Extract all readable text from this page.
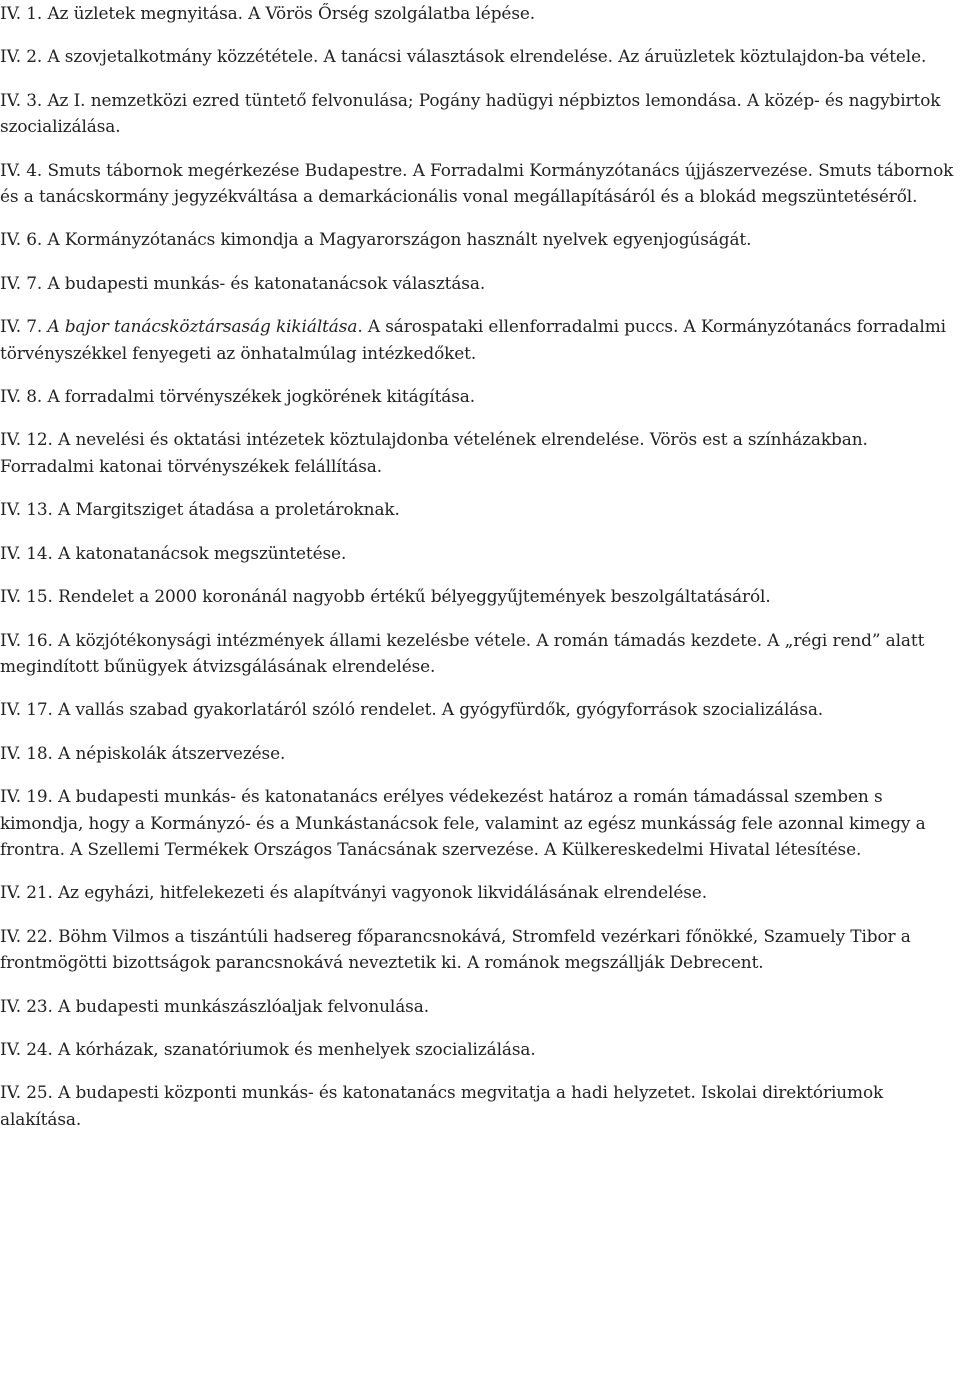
IV. 1. Az üzletek megnyitása. A Vörös Őrség szolgálatba lépése.

IV. 2. A szovjetalkotmány közzététele. A tanácsi választások elrendelése. Az áruüzletek köztulajdon-ba vétele.

IV. 3. Az I. nemzetközi ezred tüntető felvonulása; Pogány hadügyi népbiztos lemondása. A közép- és nagybirtok szocializálása.

IV. 4. Smuts tábornok megérkezése Budapestre. A Forradalmi Kormányzótanács újjászervezése. Smuts tábornok és a tanácskormány jegyzékváltása a demarkácionális vonal megállapításáról és a blokád megszüntetéséről.

IV. 6. A Kormányzótanács kimondja a Magyarországon használt nyelvek egyenjogúságát.

IV. 7. A budapesti munkás- és katonatanácsok választása.

IV. 7. A bajor tanácsköztársaság kikiáltása. A sárospataki ellenforradalmi puccs. A Kormányzótanács forradalmi törvényszékkel fenyegeti az önhatalmúlag intézkedőket.

IV. 8. A forradalmi törvényszékek jogkörének kitágítása.

IV. 12. A nevelési és oktatási intézetek köztulajdonba vételének elrendelése. Vörös est a színházakban. Forradalmi katonai törvényszékek felállítása.

IV. 13. A Margitsziget átadása a proletároknak.

IV. 14. A katonatanácsok megszüntetése.

IV. 15. Rendelet a 2000 koronánál nagyobb értékű bélyeggyűjtemények beszolgáltatásáról.

IV. 16. A közjótékonysági intézmények állami kezelésbe vétele. A román támadás kezdete. A „régi rend” alatt megindított bűnügyek átvizsgálásának elrendelése.

IV. 17. A vallás szabad gyakorlatáról szóló rendelet. A gyógyfürdők, gyógyforrások szocializálása.

IV. 18. A népiskolák átszervezése.

IV. 19. A budapesti munkás- és katonatanács erélyes védekezést határoz a román támadással szemben s kimondja, hogy a Kormányzó- és a Munkástanácsok fele, valamint az egész munkásság fele azonnal kimegy a frontra. A Szellemi Termékek Országos Tanácsának szervezése. A Külkereskedelmi Hivatal létesítése.

IV. 21. Az egyházi, hitfelekezeti és alapítványi vagyonok likvidálásának elrendelése.

IV. 22. Böhm Vilmos a tiszántúli hadsereg főparancsnokává, Stromfeld vezérkari főnökké, Szamuely Tibor a frontmögötti bizottságok parancsnokává neveztetik ki. A románok megszállják Debrecent.

IV. 23. A budapesti munkászászlóaljak felvonulása.

IV. 24. A kórházak, szanatóriumok és menhelyek szocializálása.

IV. 25. A budapesti központi munkás- és katonatanács megvitatja a hadi helyzetet. Iskolai direktóriumok alakítása.
